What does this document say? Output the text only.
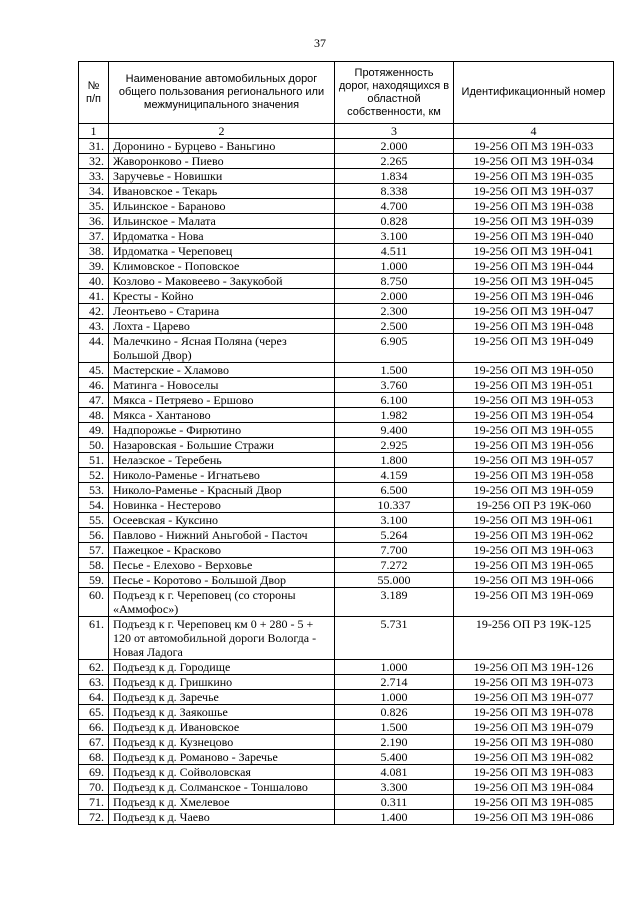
37
№ п/п	Наименование автомобильных дорог общего пользования регионального или межмуниципального значения	Протяженность дорог, находящихся в областной собственности, км	Идентификационный номер
1	2	3	4
31.	Доронино - Бурцево - Ваньгино	2.000	19-256 ОП МЗ 19Н-033
32.	Жаворонково - Пиево	2.265	19-256 ОП МЗ 19Н-034
33.	Заручевье - Новишки	1.834	19-256 ОП МЗ 19Н-035
34.	Ивановское - Текарь	8.338	19-256 ОП МЗ 19Н-037
35.	Ильинское - Бараново	4.700	19-256 ОП МЗ 19Н-038
36.	Ильинское - Малата	0.828	19-256 ОП МЗ 19Н-039
37.	Ирдоматка - Нова	3.100	19-256 ОП МЗ 19Н-040
38.	Ирдоматка - Череповец	4.511	19-256 ОП МЗ 19Н-041
39.	Климовское - Поповское	1.000	19-256 ОП МЗ 19Н-044
40.	Козлово - Маковеево - Закукобой	8.750	19-256 ОП МЗ 19Н-045
41.	Кресты - Койно	2.000	19-256 ОП МЗ 19Н-046
42.	Леонтьево - Старина	2.300	19-256 ОП МЗ 19Н-047
43.	Лохта - Царево	2.500	19-256 ОП МЗ 19Н-048
44.	Малечкино - Ясная Поляна (через Большой Двор)	6.905	19-256 ОП МЗ 19Н-049
45.	Мастерские - Хламово	1.500	19-256 ОП МЗ 19Н-050
46.	Матинга - Новоселы	3.760	19-256 ОП МЗ 19Н-051
47.	Мякса - Петряево - Ершово	6.100	19-256 ОП МЗ 19Н-053
48.	Мякса - Хантаново	1.982	19-256 ОП МЗ 19Н-054
49.	Надпорожье - Фирютино	9.400	19-256 ОП МЗ 19Н-055
50.	Назаровская - Большие Стражи	2.925	19-256 ОП МЗ 19Н-056
51.	Нелазское - Теребень	1.800	19-256 ОП МЗ 19Н-057
52.	Николо-Раменье - Игнатьево	4.159	19-256 ОП МЗ 19Н-058
53.	Николо-Раменье - Красный Двор	6.500	19-256 ОП МЗ 19Н-059
54.	Новинка - Нестерово	10.337	19-256 ОП РЗ 19К-060
55.	Осеевская - Куксино	3.100	19-256 ОП МЗ 19Н-061
56.	Павлово - Нижний Аньгобой - Пасточ	5.264	19-256 ОП МЗ 19Н-062
57.	Пажецкое - Красково	7.700	19-256 ОП МЗ 19Н-063
58.	Песье - Елехово - Верховье	7.272	19-256 ОП МЗ 19Н-065
59.	Песье - Коротово - Большой Двор	55.000	19-256 ОП МЗ 19Н-066
60.	Подъезд к г. Череповец (со стороны «Аммофос»)	3.189	19-256 ОП МЗ 19Н-069
61.	Подъезд к г. Череповец км 0 + 280 - 5 + 120 от автомобильной дороги Вологда - Новая Ладога	5.731	19-256 ОП РЗ 19К-125
62.	Подъезд к д. Городище	1.000	19-256 ОП МЗ 19Н-126
63.	Подъезд к д. Гришкино	2.714	19-256 ОП МЗ 19Н-073
64.	Подъезд к д. Заречье	1.000	19-256 ОП МЗ 19Н-077
65.	Подъезд к д. Заякошье	0.826	19-256 ОП МЗ 19Н-078
66.	Подъезд к д. Ивановское	1.500	19-256 ОП МЗ 19Н-079
67.	Подъезд к д. Кузнецово	2.190	19-256 ОП МЗ 19Н-080
68.	Подъезд к д. Романово - Заречье	5.400	19-256 ОП МЗ 19Н-082
69.	Подъезд к д. Сойволовская	4.081	19-256 ОП МЗ 19Н-083
70.	Подъезд к д. Солманское - Тоншалово	3.300	19-256 ОП МЗ 19Н-084
71.	Подъезд к д. Хмелевое	0.311	19-256 ОП МЗ 19Н-085
72.	Подъезд к д. Чаево	1.400	19-256 ОП МЗ 19Н-086
